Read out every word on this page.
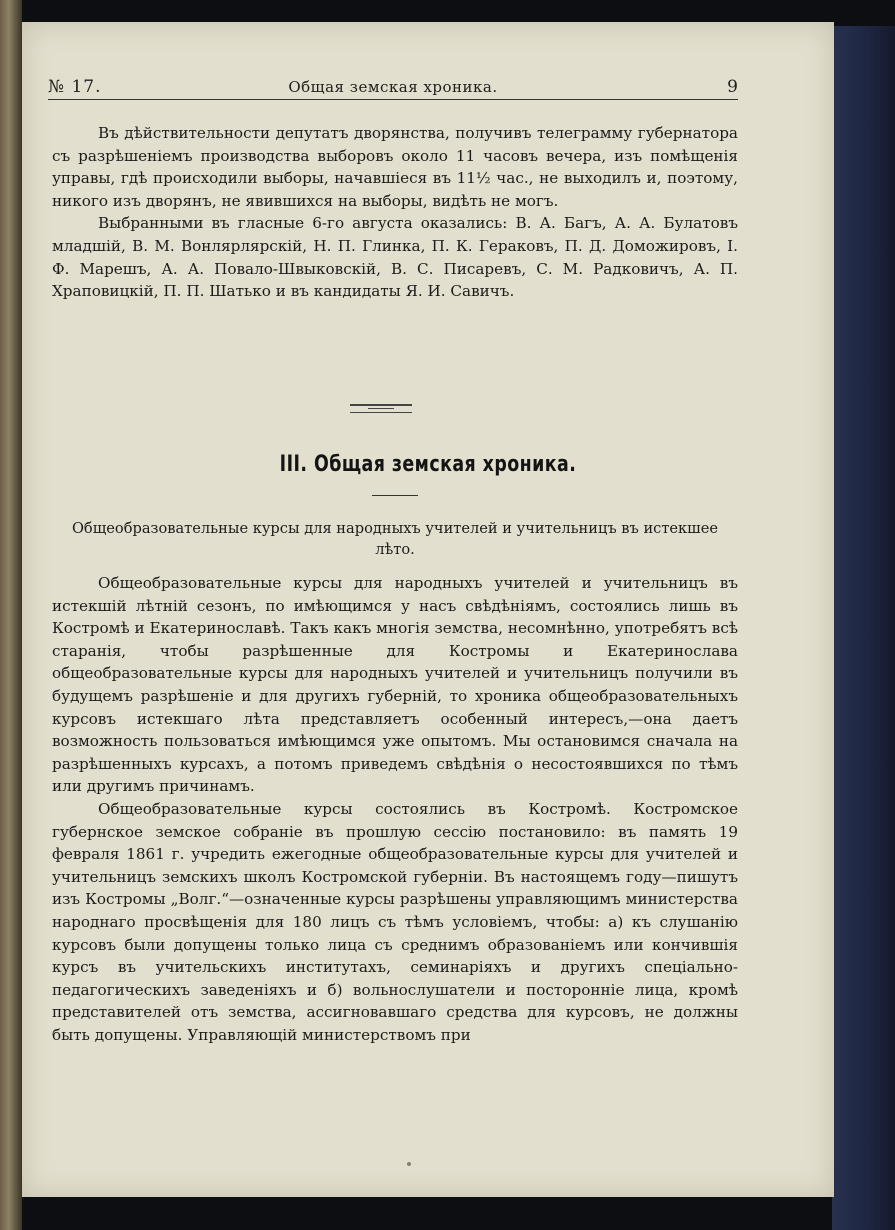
№ 17.	Общая земская хроника.	9

Въ дѣйствительности депутатъ дворянства, получивъ телеграмму губернатора съ разрѣшеніемъ производства выборовъ около 11 часовъ вечера, изъ помѣщенія управы, гдѣ происходили выборы, начавшіеся въ 11½ час., не выходилъ и, поэтому, никого изъ дворянъ, не явившихся на выборы, видѣть не могъ.

Выбранными въ гласные 6-го августа оказались: В. А. Багъ, А. А. Булатовъ младшій, В. М. Вонлярлярскій, Н. П. Глинка, П. К. Гераковъ, П. Д. Доможировъ, І. Ф. Марешъ, А. А. Повало-Швыковскій, В. С. Писаревъ, С. М. Радковичъ, А. П. Храповицкій, П. П. Шатько и въ кандидаты Я. И. Савичъ.

III. Общая земская хроника.
Общеобразовательные курсы для народныхъ учителей и учительницъ въ истекшее лѣто.

Общеобразовательные курсы для народныхъ учителей и учительницъ въ истекшій лѣтній сезонъ, по имѣющимся у насъ свѣдѣніямъ, состоялись лишь въ Костромѣ и Екатеринославѣ. Такъ какъ многія земства, несомнѣнно, употребятъ всѣ старанія, чтобы разрѣшенные для Костромы и Екатеринослава общеобразовательные курсы для народныхъ учителей и учительницъ получили въ будущемъ разрѣшеніе и для другихъ губерній, то хроника общеобразовательныхъ курсовъ истекшаго лѣта представляетъ особенный интересъ,—она даетъ возможность пользоваться имѣющимся уже опытомъ. Мы остановимся сначала на разрѣшенныхъ курсахъ, а потомъ приведемъ свѣдѣнія о несостоявшихся по тѣмъ или другимъ причинамъ.

Общеобразовательные курсы состоялись въ Костромѣ. Костромское губернское земское собраніе въ прошлую сессію постановило: въ память 19 февраля 1861 г. учредить ежегодные общеобразовательные курсы для учителей и учительницъ земскихъ школъ Костромской губерніи. Въ настоящемъ году—пишутъ изъ Костромы „Волг.“—означенные курсы разрѣшены управляющимъ министерства народнаго просвѣщенія для 180 лицъ съ тѣмъ условіемъ, чтобы: а) къ слушанію курсовъ были допущены только лица съ среднимъ образованіемъ или кончившія курсъ въ учительскихъ институтахъ, семинаріяхъ и другихъ спеціально-педагогическихъ заведеніяхъ и б) вольнослушатели и посторонніе лица, кромѣ представителей отъ земства, ассигновавшаго средства для курсовъ, не должны быть допущены. Управляющій министерствомъ при
